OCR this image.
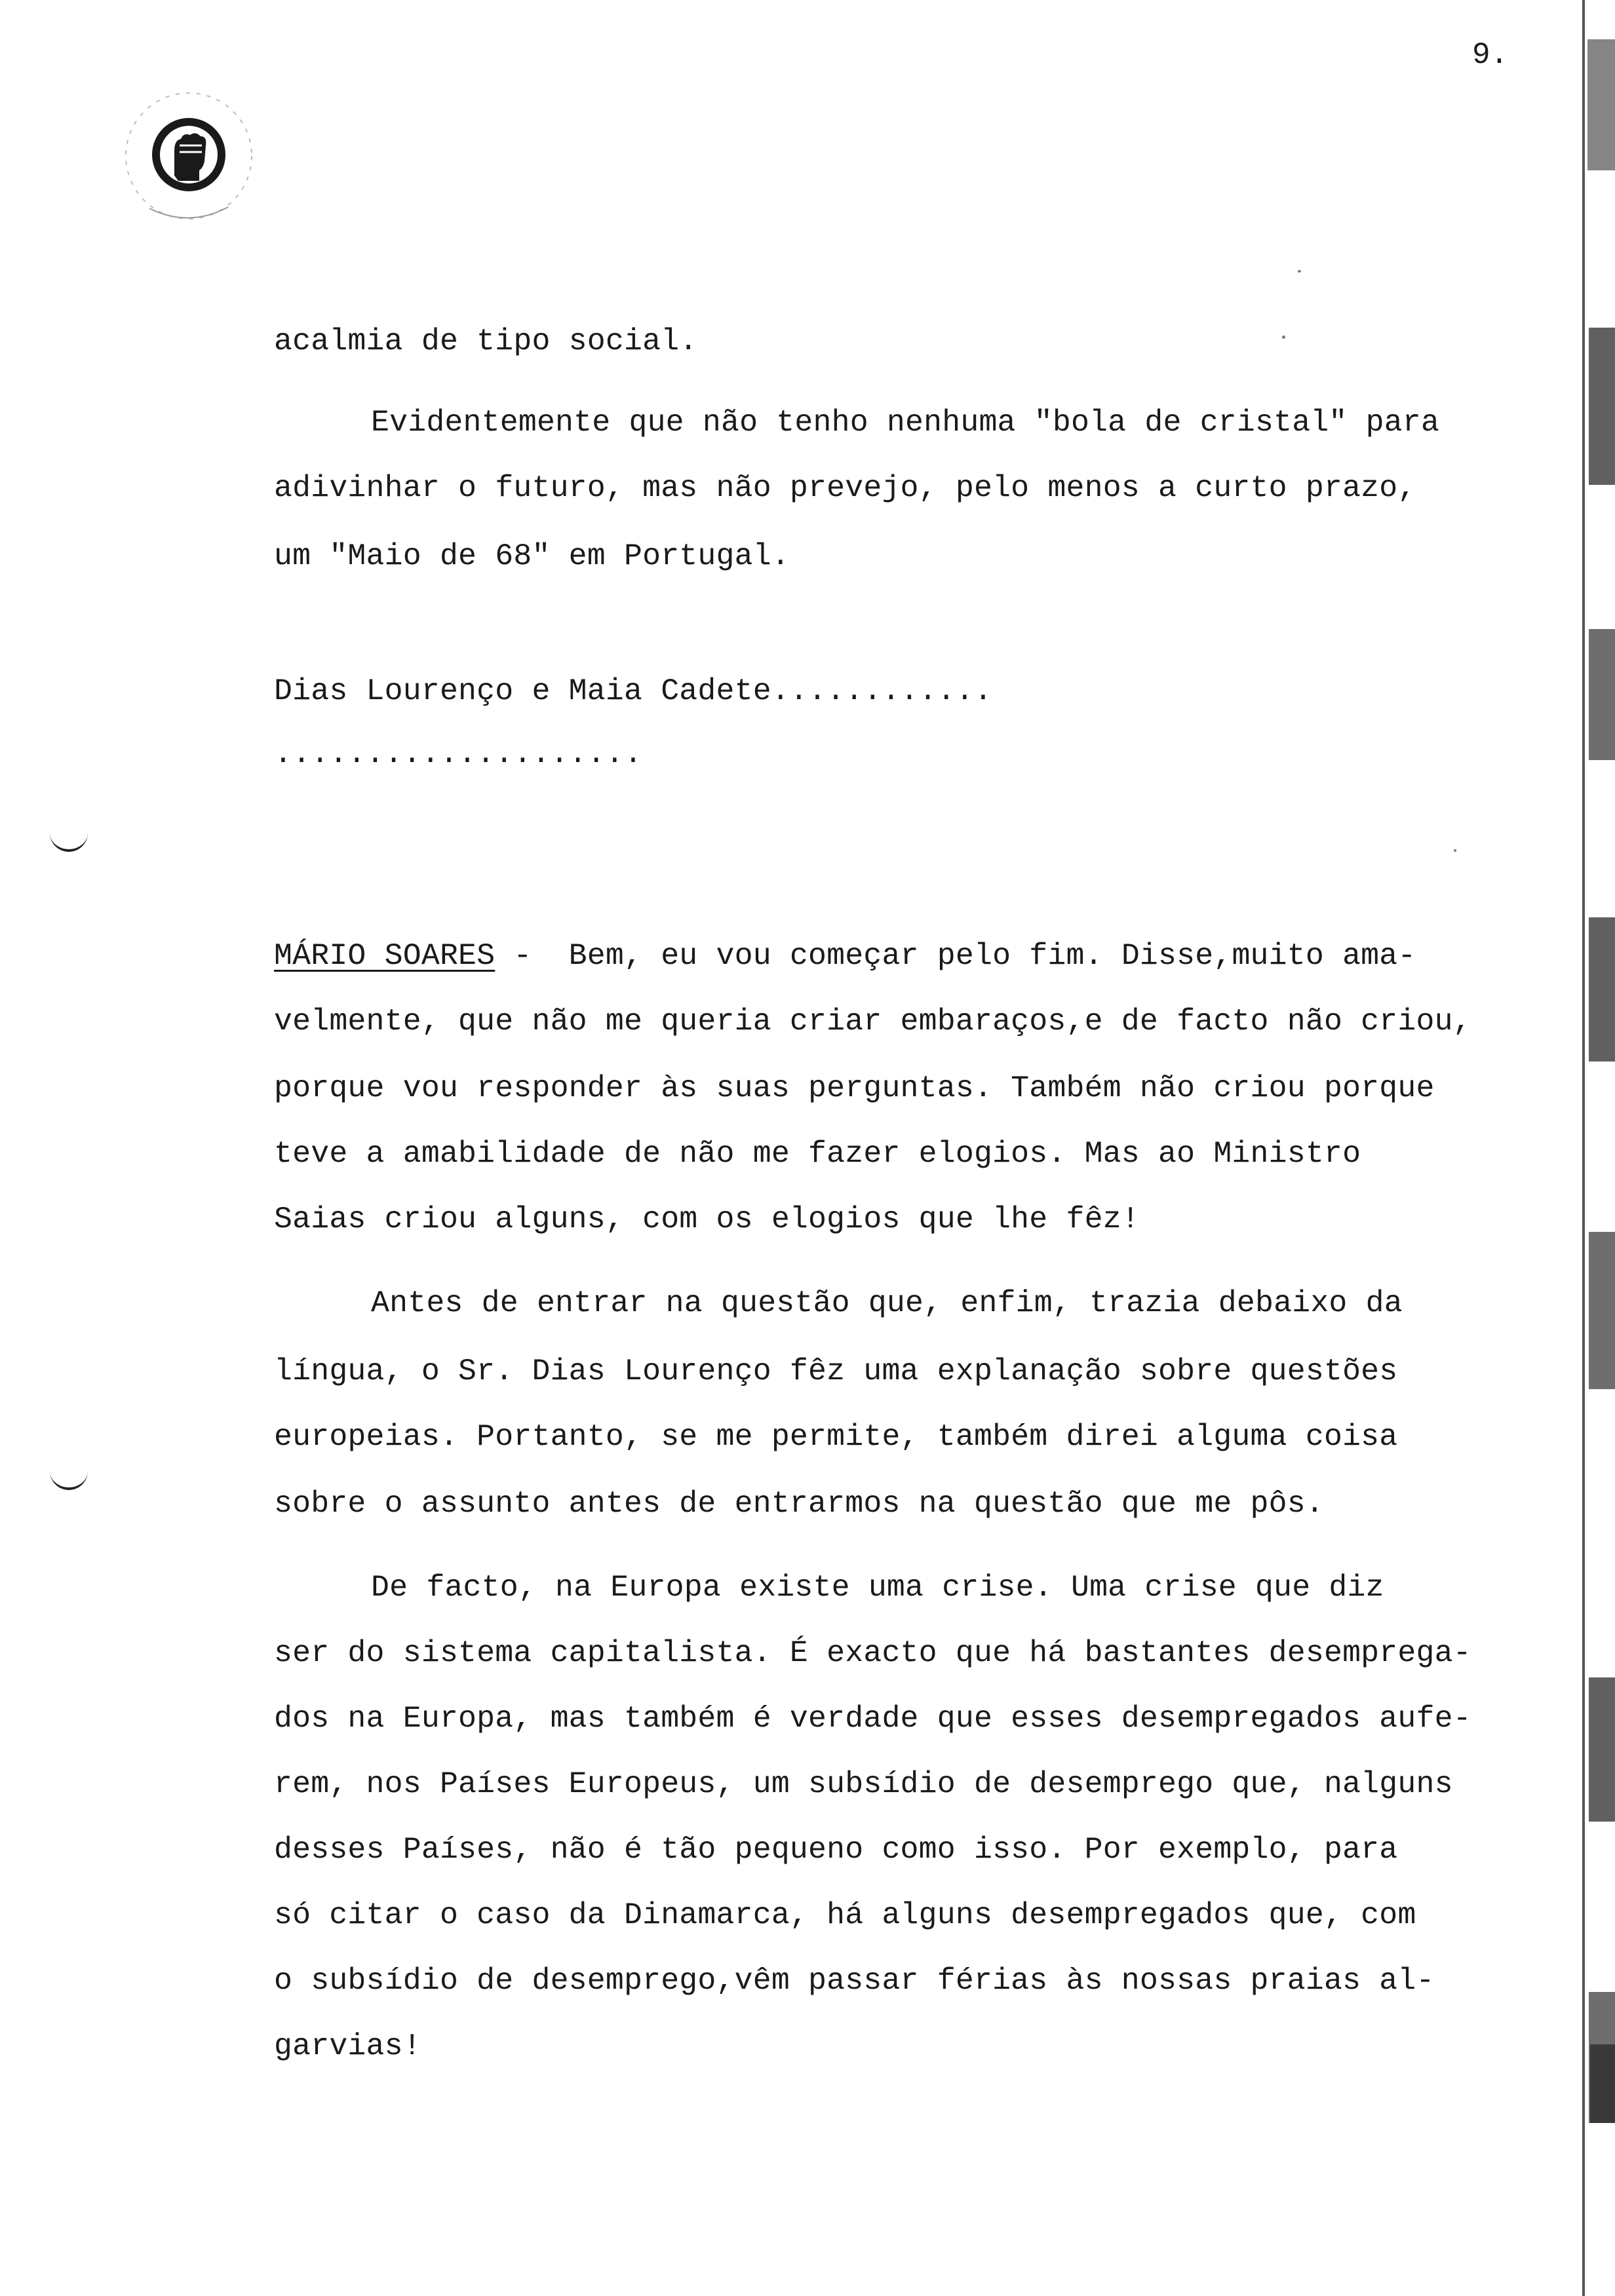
9.
acalmia de tipo social.
Evidentemente que não tenho nenhuma "bola de cristal" para
adivinhar o futuro, mas não prevejo, pelo menos a curto prazo,
um "Maio de 68" em Portugal.
Dias Lourenço e Maia Cadete............
....................
MÁRIO SOARES -  Bem, eu vou começar pelo fim. Disse,muito ama-
velmente, que não me queria criar embaraços,e de facto não criou,
porque vou responder às suas perguntas. Também não criou porque
teve a amabilidade de não me fazer elogios. Mas ao Ministro
Saias criou alguns, com os elogios que lhe fêz!
Antes de entrar na questão que, enfim, trazia debaixo da
língua, o Sr. Dias Lourenço fêz uma explanação sobre questões
europeias. Portanto, se me permite, também direi alguma coisa
sobre o assunto antes de entrarmos na questão que me pôs.
De facto, na Europa existe uma crise. Uma crise que diz
ser do sistema capitalista. É exacto que há bastantes desemprega-
dos na Europa, mas também é verdade que esses desempregados aufe-
rem, nos Países Europeus, um subsídio de desemprego que, nalguns
desses Países, não é tão pequeno como isso. Por exemplo, para
só citar o caso da Dinamarca, há alguns desempregados que, com
o subsídio de desemprego,vêm passar férias às nossas praias al-
garvias!
